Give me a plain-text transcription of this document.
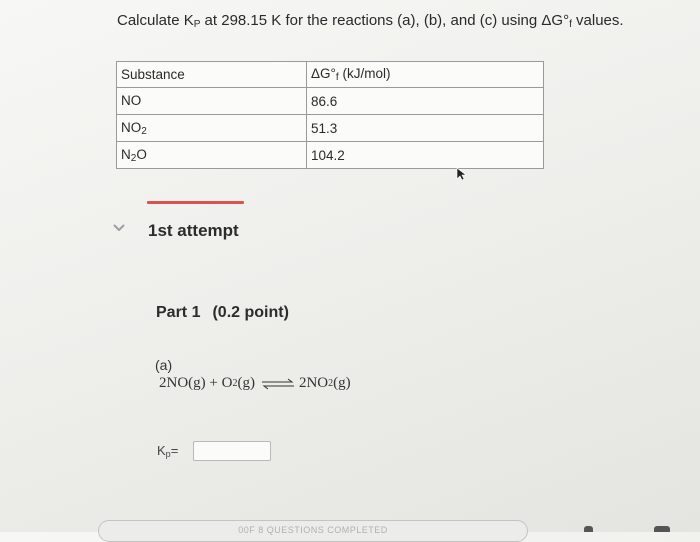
Calculate KP at 298.15 K for the reactions (a), (b), and (c) using ΔG°f values.
Substance	ΔG°f (kJ/mol)
NO	86.6
NO2	51.3
N2O	104.2
1st attempt
Part 1 (0.2 point)
(a)
2NO(g) + O 2 (g) ⇌ 2NO 2 (g)
Kp=
00F 8 QUESTIONS COMPLETED
